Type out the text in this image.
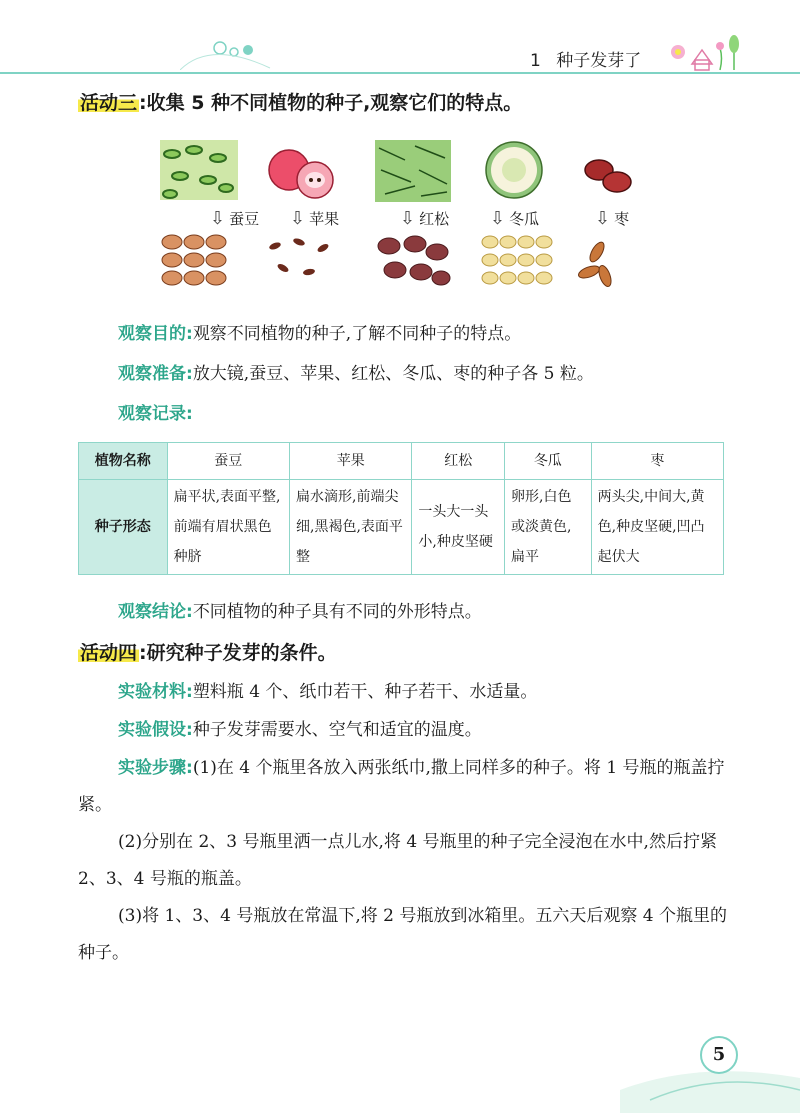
1 种子发芽了
活动三 :收集 5 种不同植物的种子,观察它们的特点。
⇩ 蚕豆 ⇩ 苹果	⇩ 红松 ⇩ 冬瓜	⇩ 枣
观察目的:观察不同植物的种子,了解不同种子的特点。
观察准备:放大镜,蚕豆、苹果、红松、冬瓜、枣的种子各 5 粒。
观察记录:
植物名称	蚕豆	苹果	红松	冬瓜	枣
种子形态	扁平状,表面平整,前端有眉状黑色种脐	扁水滴形,前端尖细,黑褐色,表面平整	一头大一头小,种皮坚硬	卵形,白色或淡黄色,扁平	两头尖,中间大,黄色,种皮坚硬,凹凸起伏大
观察结论:不同植物的种子具有不同的外形特点。
活动四 :研究种子发芽的条件。
实验材料:塑料瓶 4 个、纸巾若干、种子若干、水适量。
实验假设:种子发芽需要水、空气和适宜的温度。
实验步骤:(1)在 4 个瓶里各放入两张纸巾,撒上同样多的种子。将 1 号瓶的瓶盖拧紧。
(2)分别在 2、3 号瓶里洒一点儿水,将 4 号瓶里的种子完全浸泡在水中,然后拧紧 2、3、4 号瓶的瓶盖。
(3)将 1、3、4 号瓶放在常温下,将 2 号瓶放到冰箱里。五六天后观察 4 个瓶里的种子。
5
